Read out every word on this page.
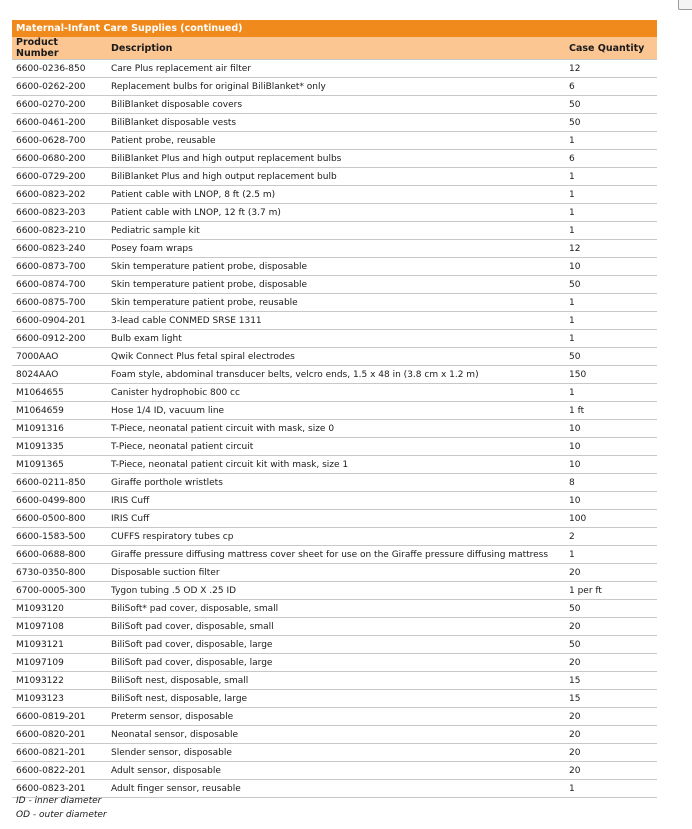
Maternal-Infant Care Supplies (continued)		
Product Number	Description	Case Quantity
6600-0236-850	Care Plus replacement air filter	12
6600-0262-200	Replacement bulbs for original BiliBlanket* only	6
6600-0270-200	BiliBlanket disposable covers	50
6600-0461-200	BiliBlanket disposable vests	50
6600-0628-700	Patient probe, reusable	1
6600-0680-200	BiliBlanket Plus and high output replacement bulbs	6
6600-0729-200	BiliBlanket Plus and high output replacement bulb	1
6600-0823-202	Patient cable with LNOP, 8 ft (2.5 m)	1
6600-0823-203	Patient cable with LNOP, 12 ft (3.7 m)	1
6600-0823-210	Pediatric sample kit	1
6600-0823-240	Posey foam wraps	12
6600-0873-700	Skin temperature patient probe, disposable	10
6600-0874-700	Skin temperature patient probe, disposable	50
6600-0875-700	Skin temperature patient probe, reusable	1
6600-0904-201	3-lead cable CONMED SRSE 1311	1
6600-0912-200	Bulb exam light	1
7000AAO	Qwik Connect Plus fetal spiral electrodes	50
8024AAO	Foam style, abdominal transducer belts, velcro ends, 1.5 x 48 in (3.8 cm x 1.2 m)	150
M1064655	Canister hydrophobic 800 cc	1
M1064659	Hose 1/4 ID, vacuum line	1 ft
M1091316	T-Piece, neonatal patient circuit with mask, size 0	10
M1091335	T-Piece, neonatal patient circuit	10
M1091365	T-Piece, neonatal patient circuit kit with mask, size 1	10
6600-0211-850	Giraffe porthole wristlets	8
6600-0499-800	IRIS Cuff	10
6600-0500-800	IRIS Cuff	100
6600-1583-500	CUFFS respiratory tubes cp	2
6600-0688-800	Giraffe pressure diffusing mattress cover sheet for use on the Giraffe pressure diffusing mattress	1
6730-0350-800	Disposable suction filter	20
6700-0005-300	Tygon tubing .5 OD X .25 ID	1 per ft
M1093120	BiliSoft* pad cover, disposable, small	50
M1097108	BiliSoft pad cover, disposable, small	20
M1093121	BiliSoft pad cover, disposable, large	50
M1097109	BiliSoft pad cover, disposable, large	20
M1093122	BiliSoft nest, disposable, small	15
M1093123	BiliSoft nest, disposable, large	15
6600-0819-201	Preterm sensor, disposable	20
6600-0820-201	Neonatal sensor, disposable	20
6600-0821-201	Slender sensor, disposable	20
6600-0822-201	Adult sensor, disposable	20
6600-0823-201	Adult finger sensor, reusable	1
ID - inner diameter
OD - outer diameter
